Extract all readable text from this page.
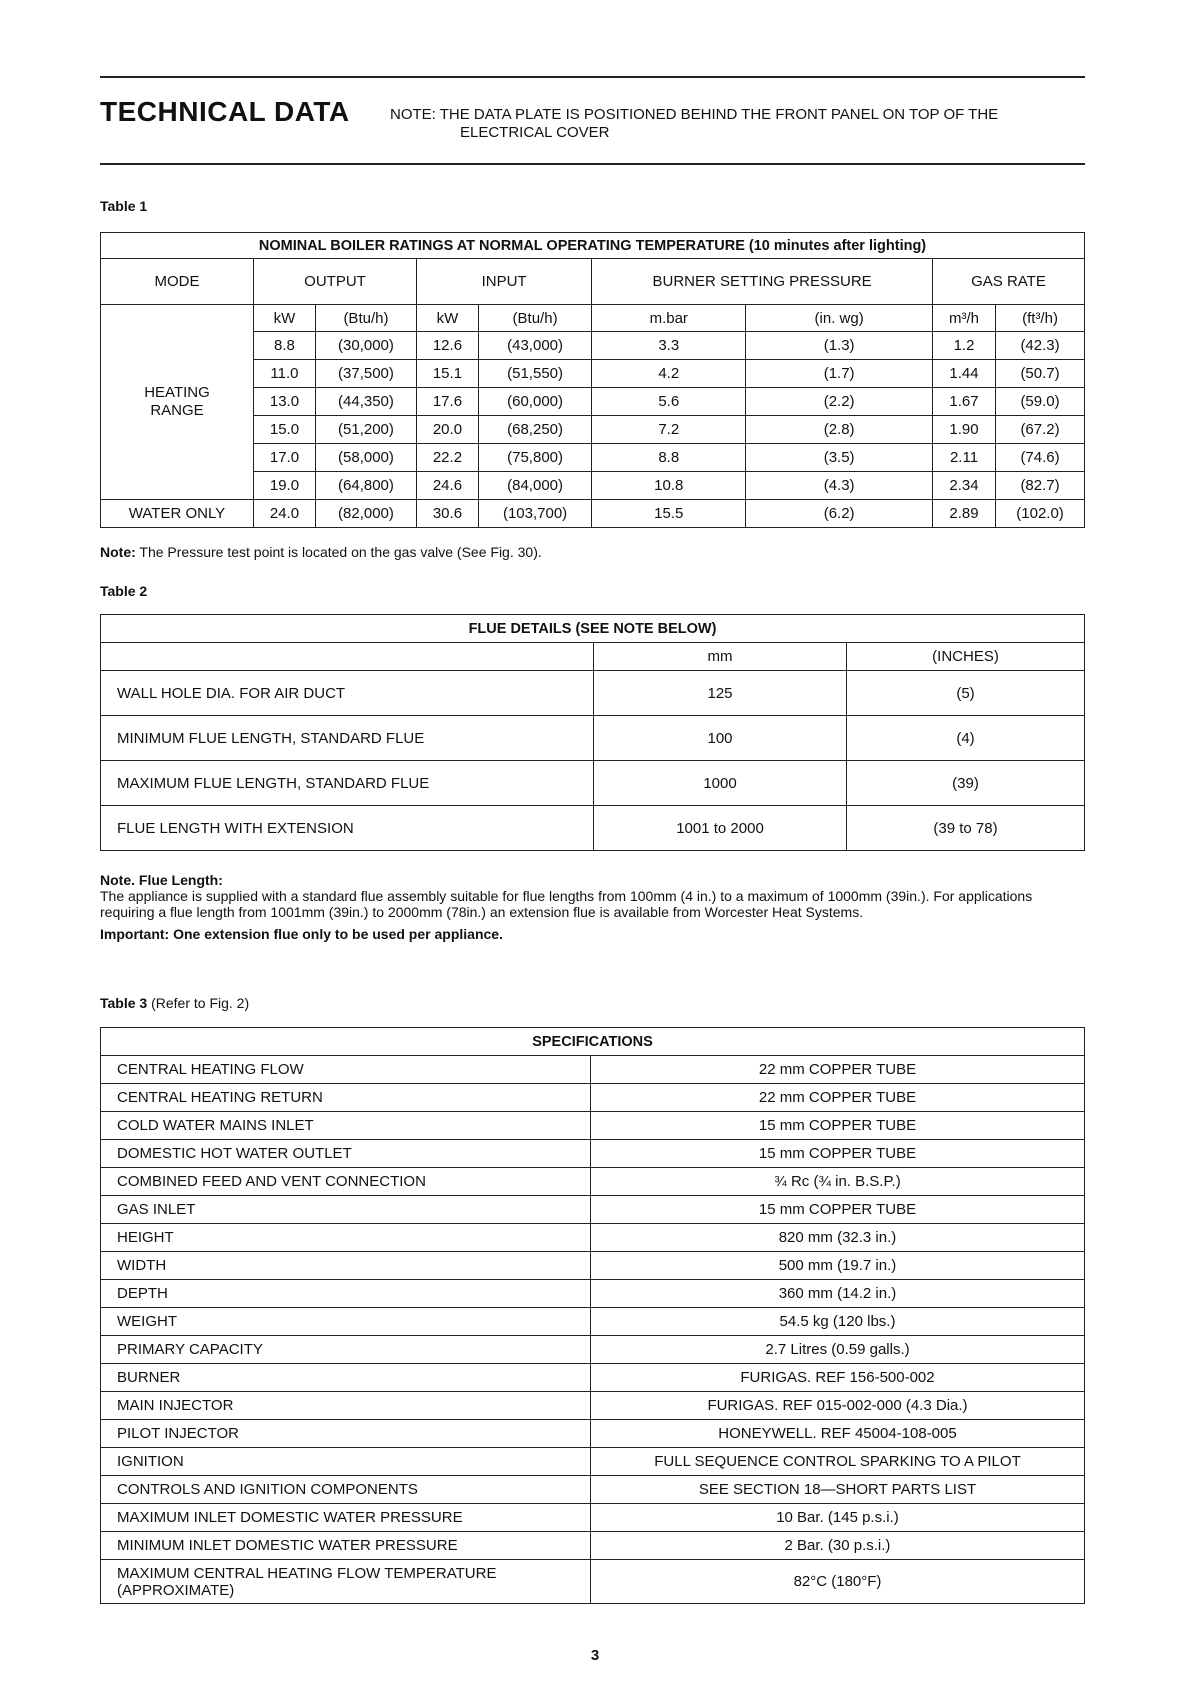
TECHNICAL DATA	NOTE: THE DATA PLATE IS POSITIONED BEHIND THE FRONT PANEL ON TOP OF THE
ELECTRICAL COVER
Table 1
NOMINAL BOILER RATINGS AT NORMAL OPERATING TEMPERATURE (10 minutes after lighting)								
MODE	OUTPUT		INPUT		BURNER SETTING PRESSURE		GAS RATE	
HEATING
RANGE	kW	(Btu/h)	kW	(Btu/h)	m.bar	(in. wg)	m³/h	(ft³/h)
	8.8	(30,000)	12.6	(43,000)	3.3	(1.3)	1.2	(42.3)
	11.0	(37,500)	15.1	(51,550)	4.2	(1.7)	1.44	(50.7)
	13.0	(44,350)	17.6	(60,000)	5.6	(2.2)	1.67	(59.0)
	15.0	(51,200)	20.0	(68,250)	7.2	(2.8)	1.90	(67.2)
	17.0	(58,000)	22.2	(75,800)	8.8	(3.5)	2.11	(74.6)
	19.0	(64,800)	24.6	(84,000)	10.8	(4.3)	2.34	(82.7)
WATER ONLY	24.0	(82,000)	30.6	(103,700)	15.5	(6.2)	2.89	(102.0)
Note: The Pressure test point is located on the gas valve (See Fig. 30).
Table 2
FLUE DETAILS (SEE NOTE BELOW)		
	mm	(INCHES)
WALL HOLE DIA. FOR AIR DUCT	125	(5)
MINIMUM FLUE LENGTH, STANDARD FLUE	100	(4)
MAXIMUM FLUE LENGTH, STANDARD FLUE	1000	(39)
FLUE LENGTH WITH EXTENSION	1001 to 2000	(39 to 78)
Note. Flue Length:
The appliance is supplied with a standard flue assembly suitable for flue lengths from 100mm (4 in.) to a maximum of 1000mm (39in.). For applications requiring a flue length from 1001mm (39in.) to 2000mm (78in.) an extension flue is available from Worcester Heat Systems.
Important: One extension flue only to be used per appliance.
Table 3 (Refer to Fig. 2)
SPECIFICATIONS	
CENTRAL HEATING FLOW	22 mm COPPER TUBE
CENTRAL HEATING RETURN	22 mm COPPER TUBE
COLD WATER MAINS INLET	15 mm COPPER TUBE
DOMESTIC HOT WATER OUTLET	15 mm COPPER TUBE
COMBINED FEED AND VENT CONNECTION	¾ Rc (¾ in. B.S.P.)
GAS INLET	15 mm COPPER TUBE
HEIGHT	820 mm (32.3 in.)
WIDTH	500 mm (19.7 in.)
DEPTH	360 mm (14.2 in.)
WEIGHT	54.5 kg (120 lbs.)
PRIMARY CAPACITY	2.7 Litres (0.59 galls.)
BURNER	FURIGAS. REF 156-500-002
MAIN INJECTOR	FURIGAS. REF 015-002-000 (4.3 Dia.)
PILOT INJECTOR	HONEYWELL. REF 45004-108-005
IGNITION	FULL SEQUENCE CONTROL SPARKING TO A PILOT
CONTROLS AND IGNITION COMPONENTS	SEE SECTION 18—SHORT PARTS LIST
MAXIMUM INLET DOMESTIC WATER PRESSURE	10 Bar. (145 p.s.i.)
MINIMUM INLET DOMESTIC WATER PRESSURE	2 Bar. (30 p.s.i.)
MAXIMUM CENTRAL HEATING FLOW TEMPERATURE
(APPROXIMATE)	82°C (180°F)
3
